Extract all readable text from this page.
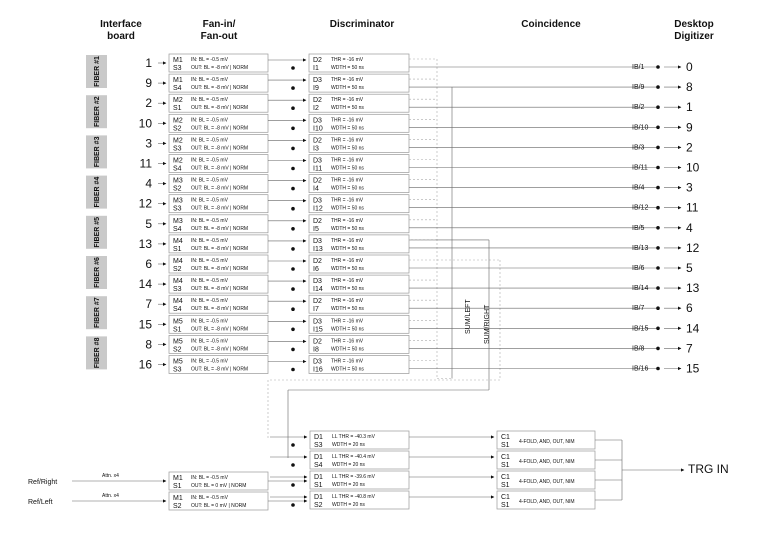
Interface
board
Fan-in/
Fan-out
Discriminator	Coincidence	Desktop
Digitizer
FIBER #1
FIBER #2
FIBER #3
FIBER #4
FIBER #5
FIBER #6
FIBER #7
FIBER #8
1	M1
S3
IN: BL = -0.5 mV
OUT: BL = -8 mV | NORM
D2
I1
THR = -16 mV
WDTH = 50 ns	IB/1	0
9	M1
S4
IN: BL = -0.5 mV
OUT: BL = -8 mV | NORM
D3
I9
THR = -16 mV
WDTH = 50 ns	IB/9	8
2	M2
S1
IN: BL = -0.5 mV
OUT: BL = -8 mV | NORM
D2
I2
THR = -16 mV
WDTH = 50 ns	IB/2	1
10	M2
S2
IN: BL = -0.5 mV
OUT: BL = -8 mV | NORM
D3
I10
THR = -16 mV
WDTH = 50 ns	IB/10	9
3	M2
S3
IN: BL = -0.5 mV
OUT: BL = -8 mV | NORM
D2
I3
THR = -16 mV
WDTH = 50 ns	IB/3	2
11	M2
S4
IN: BL = -0.5 mV
OUT: BL = -8 mV | NORM
D3
I11
THR = -16 mV
WDTH = 50 ns	IB/11	10
4	M3
S2
IN: BL = -0.5 mV
OUT: BL = -8 mV | NORM
D2
I4
THR = -16 mV
WDTH = 50 ns	IB/4	3
12	M3
S3
IN: BL = -0.5 mV
OUT: BL = -8 mV | NORM
D3
I12
THR = -16 mV
WDTH = 50 ns	IB/12	11
5	M3
S4
IN: BL = -0.5 mV
OUT: BL = -8 mV | NORM
D2
I5
THR = -16 mV
WDTH = 50 ns	IB/5	4
13	M4
S1
IN: BL = -0.5 mV
OUT: BL = -8 mV | NORM
D3
I13
THR = -16 mV
WDTH = 50 ns	IB/13	12
6	M4
S2
IN: BL = -0.5 mV
OUT: BL = -8 mV | NORM
D2
I6
THR = -16 mV
WDTH = 50 ns	IB/6	5
14	M4
S3
IN: BL = -0.5 mV
OUT: BL = -8 mV | NORM
D3
I14
THR = -16 mV
WDTH = 50 ns	IB/14	13
7	M4
S4
IN: BL = -0.5 mV
OUT: BL = -8 mV | NORM
D2
I7
THR = -16 mV
WDTH = 50 ns	IB/7	6
15	M5
S1
IN: BL = -0.5 mV
OUT: BL = -8 mV | NORM
D3
I15
THR = -16 mV
WDTH = 50 ns	IB/15	14
8	M5
S2
IN: BL = -0.5 mV
OUT: BL = -8 mV | NORM
D2
I8
THR = -16 mV
WDTH = 50 ns	IB/8	7
16	M5
S3
IN: BL = -0.5 mV
OUT: BL = -8 mV | NORM
D3
I16
THR = -16 mV
WDTH = 50 ns	IB/16	15
D1
S3
LL THR = -40.3 mV
WDTH = 20 ns
C1
S1 4-FOLD, AND, OUT, NIM
D1
S4
LL THR = -40.4 mV
WDTH = 20 ns
C1
S1 4-FOLD, AND, OUT, NIM
D1
S1
LL THR = -39.6 mV
WDTH = 20 ns
C1
S1 4-FOLD, AND, OUT, NIM
D1
S2
LL THR = -40.8 mV
WDTH = 20 ns
C1
S1 4-FOLD, AND, OUT, NIM
Ref/Right
Attn. x4	M1
S1
IN: BL = -0.5 mV
OUT: BL = 0 mV | NORM
Ref/Left
Attn. x4	M1
S2
IN: BL = -0.5 mV
OUT: BL = 0 mV | NORM
SUM/LEFT SUM/RIGHT
TRG IN
